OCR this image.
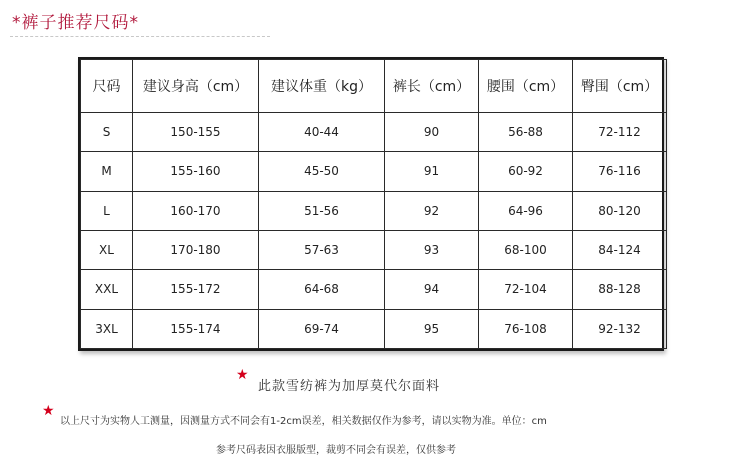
*裤子推荐尺码*
尺码	建议身高（cm）	建议体重（kg）	裤长（cm）	腰围（cm）	臀围（cm）
S	150-155	40-44	90	56-88	72-112
M	155-160	45-50	91	60-92	76-116
L	160-170	51-56	92	64-96	80-120
XL	170-180	57-63	93	68-100	84-124
XXL	155-172	64-68	94	72-104	88-128
3XL	155-174	69-74	95	76-108	92-132
★
此款雪纺裤为加厚莫代尔面料
★
以上尺寸为实物人工测量，因测量方式不同会有1-2cm误差，相关数据仅作为参考，请以实物为准。单位：cm
参考尺码表因衣服版型，裁剪不同会有误差，仅供参考
